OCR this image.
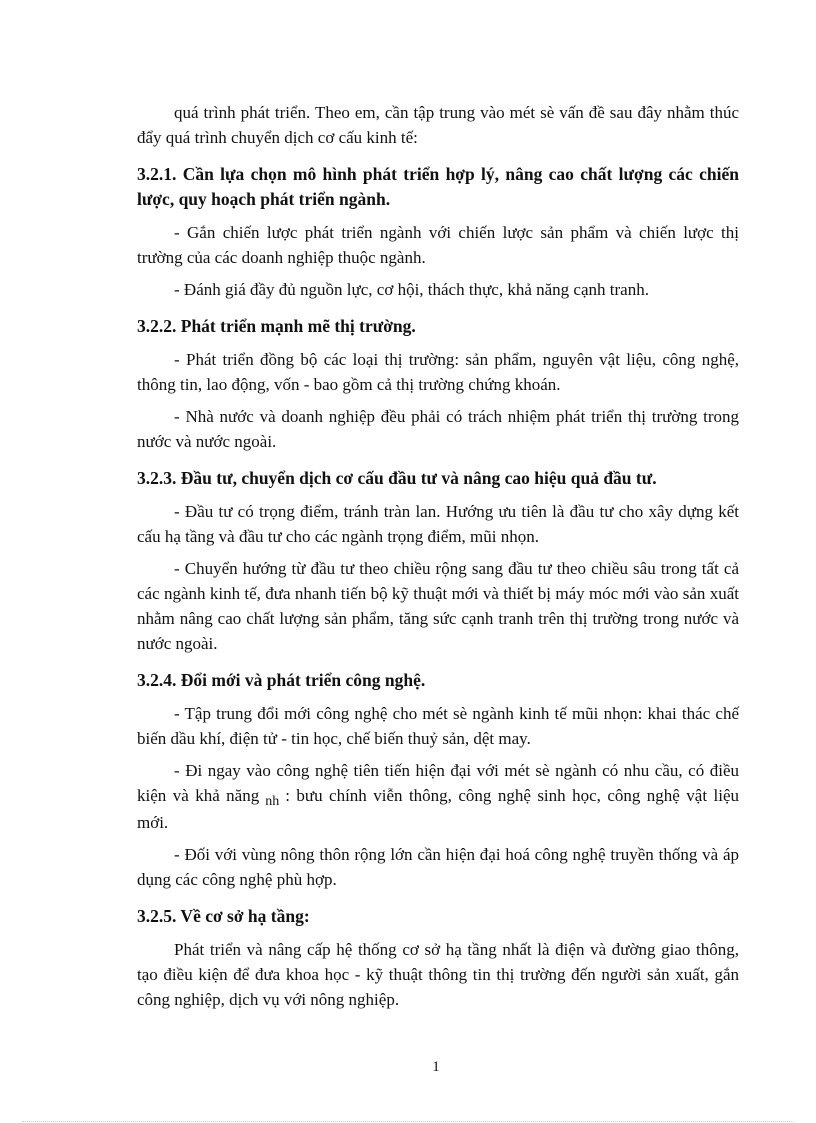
quá trình phát triển. Theo em, cần tập trung vào mét sè vấn đề sau đây nhằm thúc đẩy quá trình chuyển dịch cơ cấu kinh tế:

3.2.1. Cần lựa chọn mô hình phát triển hợp lý, nâng cao chất lượng các chiến lược, quy hoạch phát triển ngành.

- Gắn chiến lược phát triển ngành với chiến lược sản phẩm và chiến lược thị trường của các doanh nghiệp thuộc ngành.

- Đánh giá đầy đủ nguồn lực, cơ hội, thách thực, khả năng cạnh tranh.

3.2.2. Phát triển mạnh mẽ thị trường.

- Phát triển đồng bộ các loại thị trường: sản phẩm, nguyên vật liệu, công nghệ, thông tin, lao động, vốn - bao gồm cả thị trường chứng khoán.

- Nhà nước và doanh nghiệp đều phải có trách nhiệm phát triển thị trường trong nước và nước ngoài.

3.2.3. Đầu tư, chuyển dịch cơ cấu đầu tư và nâng cao hiệu quả đầu tư.

- Đầu tư có trọng điểm, tránh tràn lan. Hướng ưu tiên là đầu tư cho xây dựng kết cấu hạ tầng và đầu tư cho các ngành trọng điểm, mũi nhọn.

- Chuyển hướng từ đầu tư theo chiều rộng sang đầu tư theo chiều sâu trong tất cả các ngành kinh tế, đưa nhanh tiến bộ kỹ thuật mới và thiết bị máy móc mới vào sản xuất nhằm nâng cao chất lượng sản phẩm, tăng sức cạnh tranh trên thị trường trong nước và nước ngoài.

3.2.4. Đổi mới và phát triển công nghệ.

- Tập trung đổi mới công nghệ cho mét sè ngành kinh tế mũi nhọn: khai thác chế biến dầu khí, điện tử - tin học, chế biến thuỷ sản, dệt may.

- Đi ngay vào công nghệ tiên tiến hiện đại với mét sè ngành có nhu cầu, có điều kiện và khả năng $_{nh}$ : bưu chính viễn thông, công nghệ sinh học, công nghệ vật liệu mới.

- Đối với vùng nông thôn rộng lớn cần hiện đại hoá công nghệ truyền thống và áp dụng các công nghệ phù hợp.

3.2.5. Về cơ sở hạ tầng:

Phát triển và nâng cấp hệ thống cơ sở hạ tầng nhất là điện và đường giao thông, tạo điều kiện để đưa khoa học - kỹ thuật thông tin thị trường đến người sản xuất, gắn công nghiệp, dịch vụ với nông nghiệp.

1
